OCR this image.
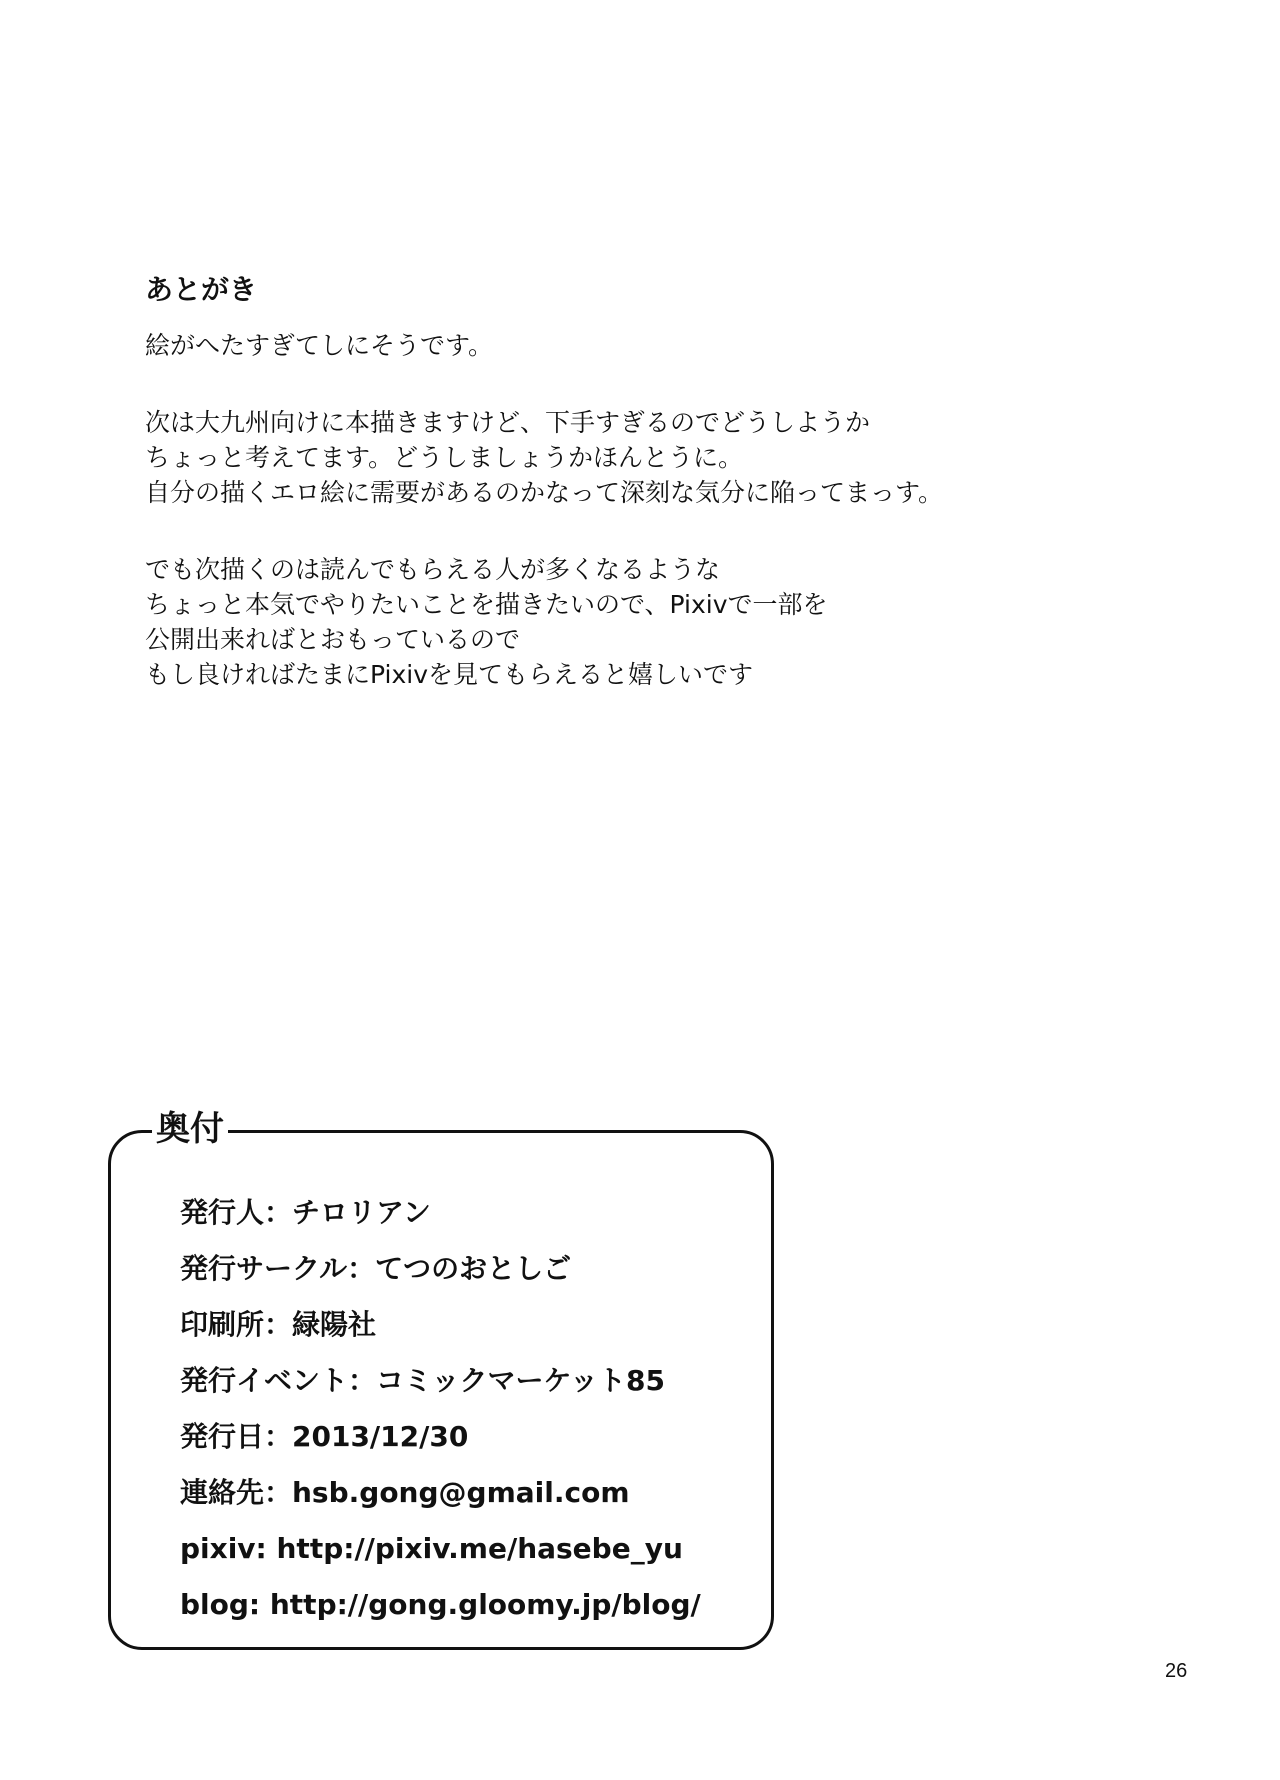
あとがき
絵がへたすぎてしにそうです。
次は大九州向けに本描きますけど、下手すぎるのでどうしようか
ちょっと考えてます。どうしましょうかほんとうに。
自分の描くエロ絵に需要があるのかなって深刻な気分に陥ってまっす。
でも次描くのは読んでもらえる人が多くなるような
ちょっと本気でやりたいことを描きたいので、Pixivで一部を
公開出来ればとおもっているので
もし良ければたまにPixivを見てもらえると嬉しいです
奥付
発行人：チロリアン
発行サークル：てつのおとしご
印刷所：緑陽社
発行イベント：コミックマーケット85
発行日：2013/12/30
連絡先：hsb.gong@gmail.com
pixiv: http://pixiv.me/hasebe_yu
blog: http://gong.gloomy.jp/blog/
26
